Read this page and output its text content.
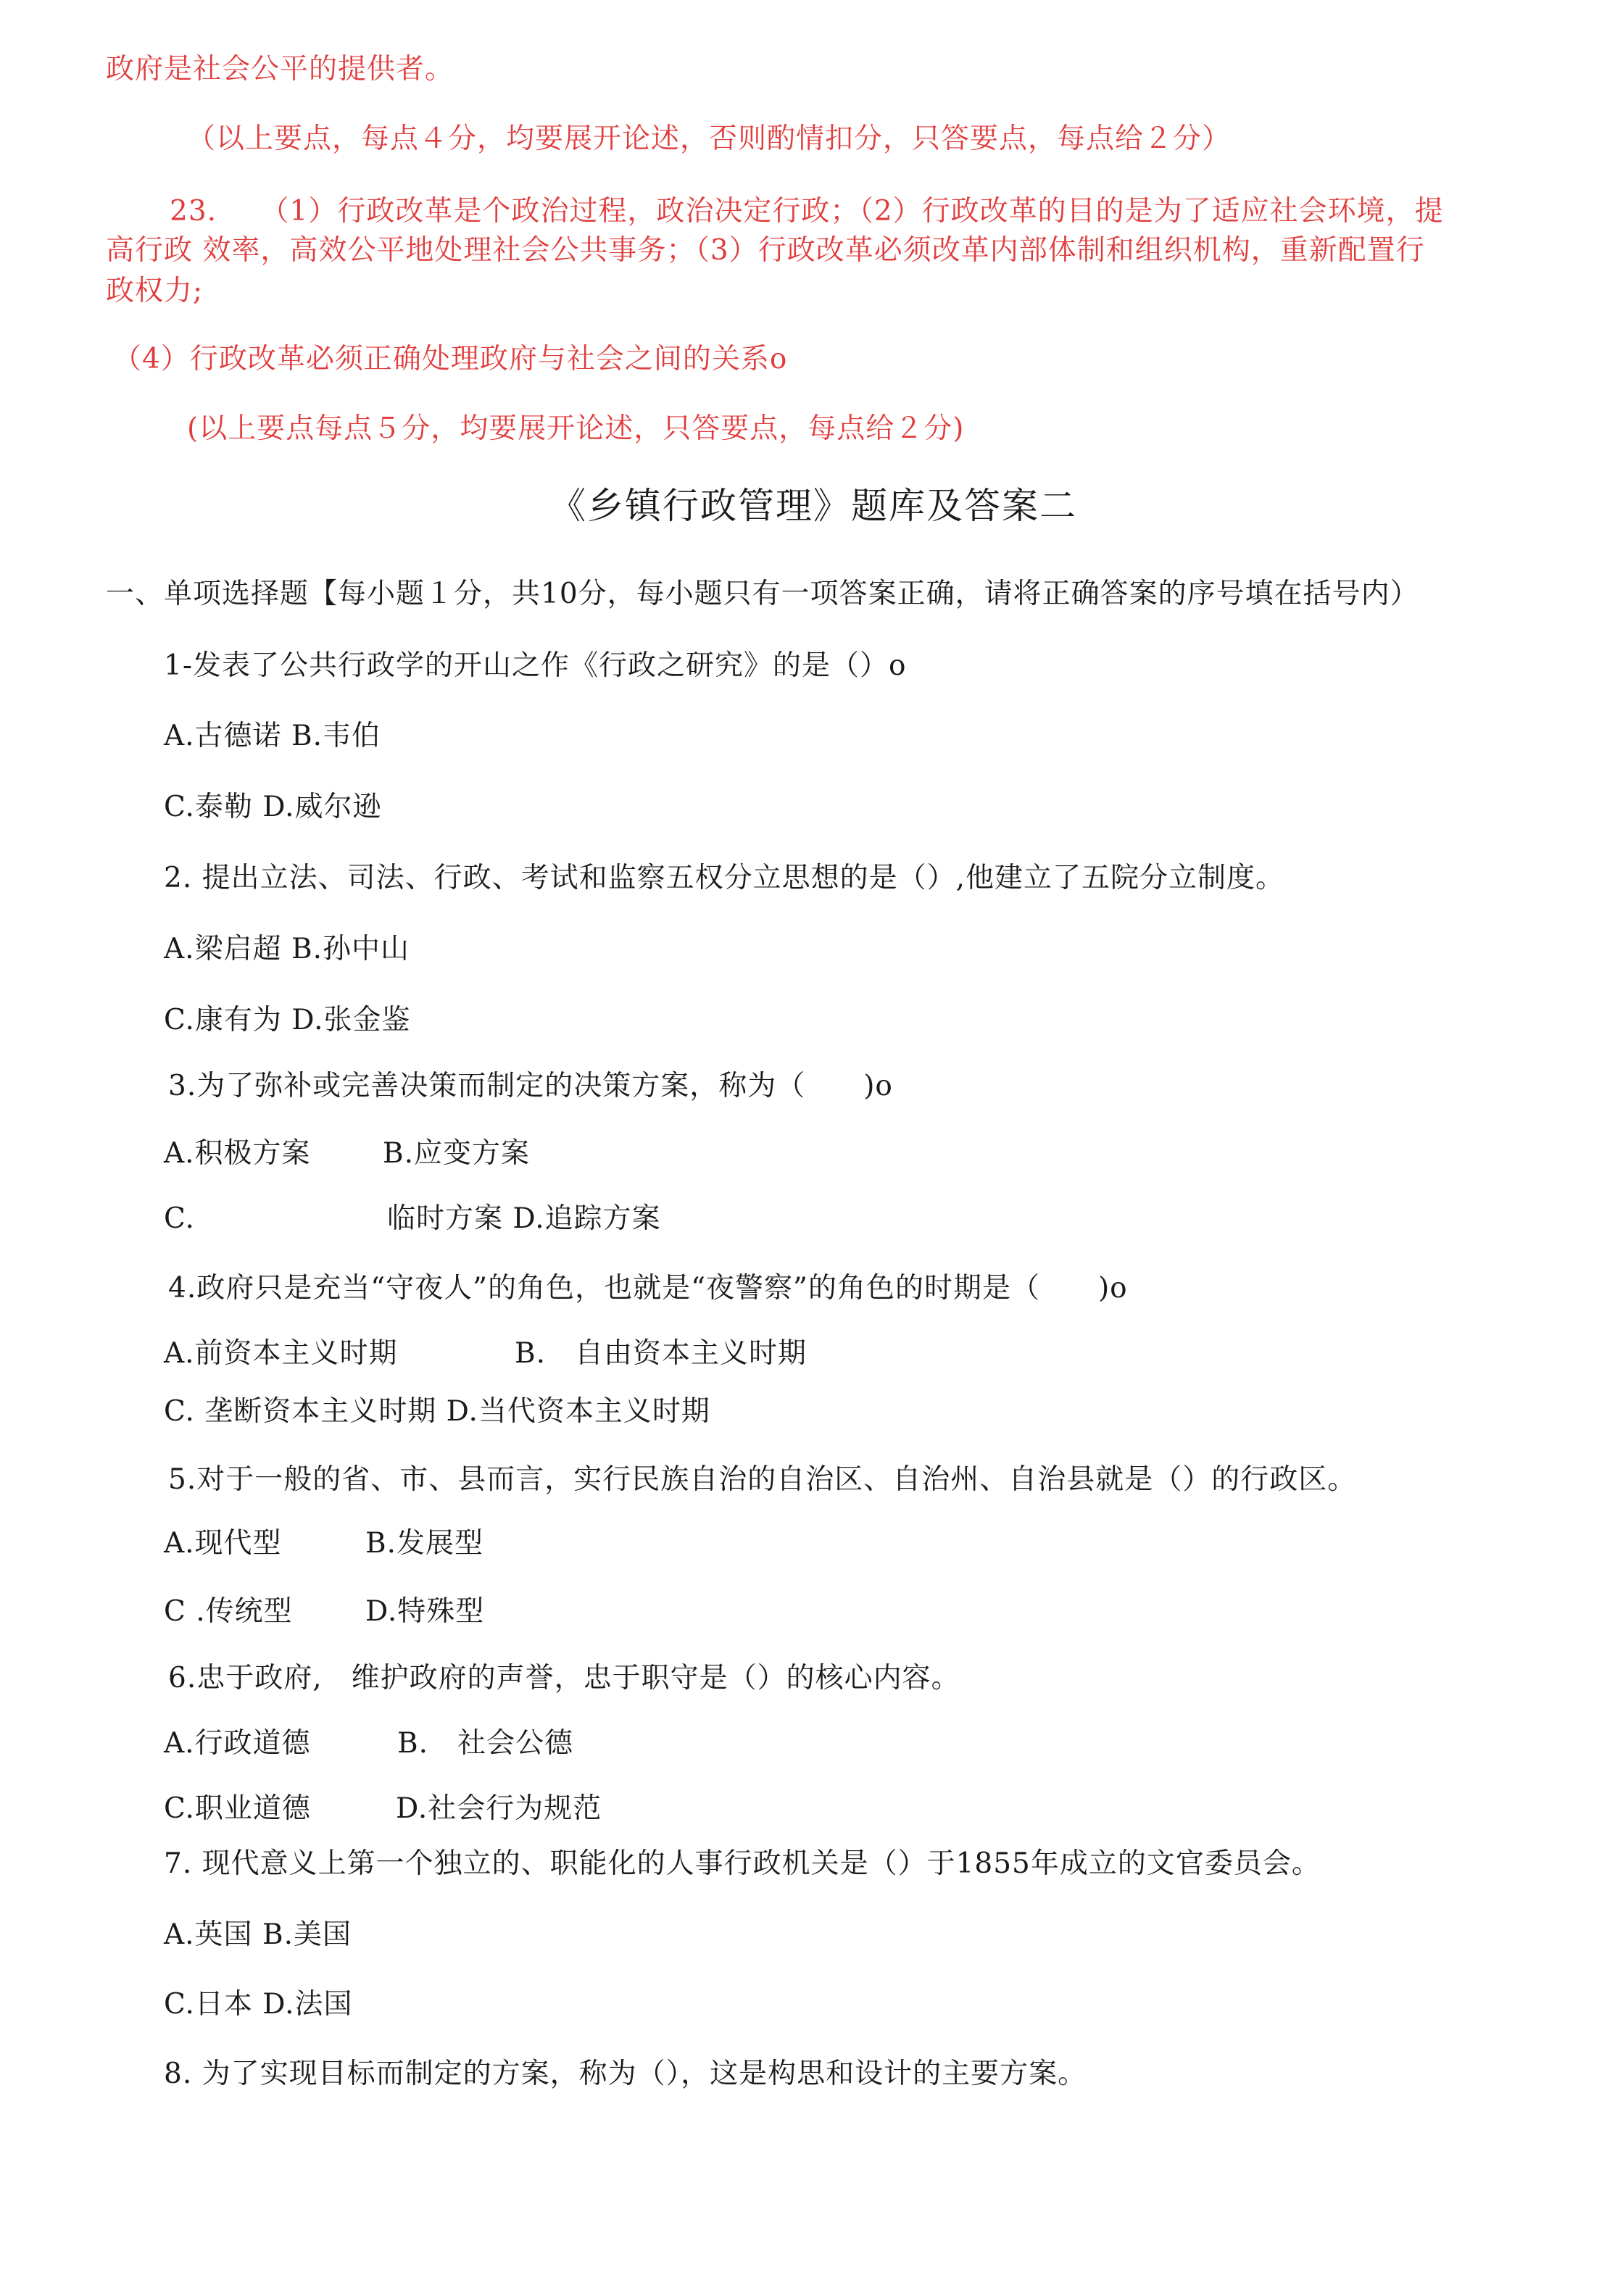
政府是社会公平的提供者。
（以上要点，每点４分，均要展开论述，否则酌情扣分，只答要点，每点给２分）
23.　　（1）行政改革是个政治过程，政治决定行政；（2）行政改革的目的是为了适应社会环境，提
高行政 效率，高效公平地处理社会公共事务；（3）行政改革必须改革内部体制和组织机构，重新配置行
政权力;
（4）行政改革必须正确处理政府与社会之间的关系o
(以上要点每点５分，均要展开论述，只答要点，每点给２分)
《乡镇行政管理》题库及答案二
一、单项选择题【每小题１分，共10分，每小题只有一项答案正确，请将正确答案的序号填在括号内）
1-发表了公共行政学的开山之作《行政之研究》的是（）o
A.古德诺 B.韦伯
C.泰勒 D.威尔逊
2. 提出立法、司法、行政、考试和监察五权分立思想的是（）,他建立了五院分立制度。
A.梁启超 B.孙中山
C.康有为 D.张金鉴
3.为了弥补或完善决策而制定的决策方案，称为（　　)o
A.积极方案	B.应变方案
C.	临时方案 D.追踪方案
4.政府只是充当“守夜人”的角色，也就是“夜警察”的角色的时期是（　　)o
A.前资本主义时期	B.　自由资本主义时期
C. 垄断资本主义时期 D.当代资本主义时期
5.对于一般的省、市、县而言，实行民族自治的自治区、自治州、自治县就是（）的行政区。
A.现代型	B.发展型
C .传统型	D.特殊型
6.忠于政府,　维护政府的声誉，忠于职守是（）的核心内容。
A.行政道德	B.　社会公德
C.职业道德	D.社会行为规范
7. 现代意义上第一个独立的、职能化的人事行政机关是（）于1855年成立的文官委员会。
A.英国 B.美国
C.日本 D.法国
8. 为了实现目标而制定的方案，称为（），这是构思和设计的主要方案。
